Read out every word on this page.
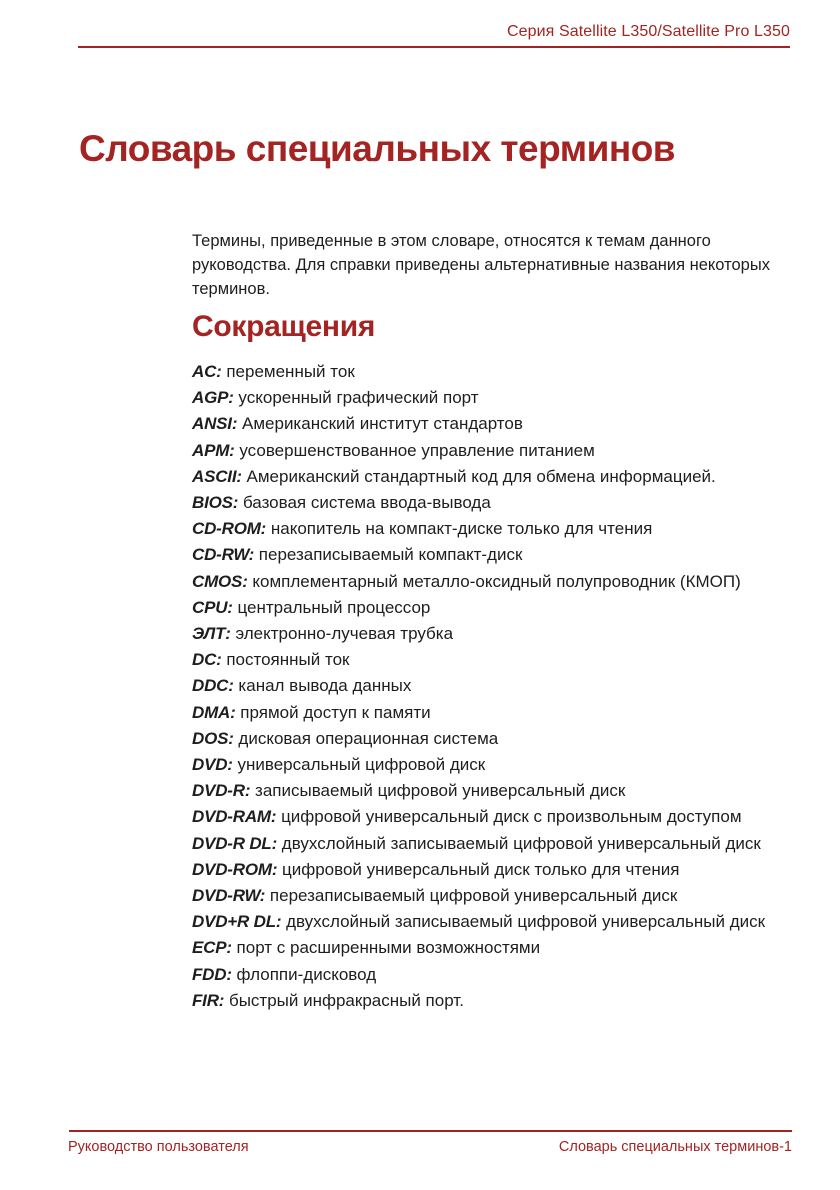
Серия Satellite L350/Satellite Pro L350
Словарь специальных терминов

Термины, приведенные в этом словаре, относятся к темам данного руководства. Для справки приведены альтернативные названия некоторых терминов.

Сокращения

AC: переменный ток

AGP: ускоренный графический порт

ANSI: Американский институт стандартов

APM: усовершенствованное управление питанием

ASCII: Американский стандартный код для обмена информацией.

BIOS: базовая система ввода-вывода

CD-ROM: накопитель на компакт-диске только для чтения

CD-RW: перезаписываемый компакт-диск

CMOS: комплементарный металло-оксидный полупроводник (КМОП)

CPU: центральный процессор

ЭЛТ: электронно-лучевая трубка

DC: постоянный ток

DDC: канал вывода данных

DMA: прямой доступ к памяти

DOS: дисковая операционная система

DVD: универсальный цифровой диск

DVD-R: записываемый цифровой универсальный диск

DVD-RAM: цифровой универсальный диск с произвольным доступом

DVD-R DL: двухслойный записываемый цифровой универсальный диск

DVD-ROM: цифровой универсальный диск только для чтения

DVD-RW: перезаписываемый цифровой универсальный диск

DVD+R DL: двухслойный записываемый цифровой универсальный диск

ECP: порт с расширенными возможностями

FDD: флоппи-дисковод

FIR: быстрый инфракрасный порт.

Руководство пользователя	Словарь специальных терминов-1
